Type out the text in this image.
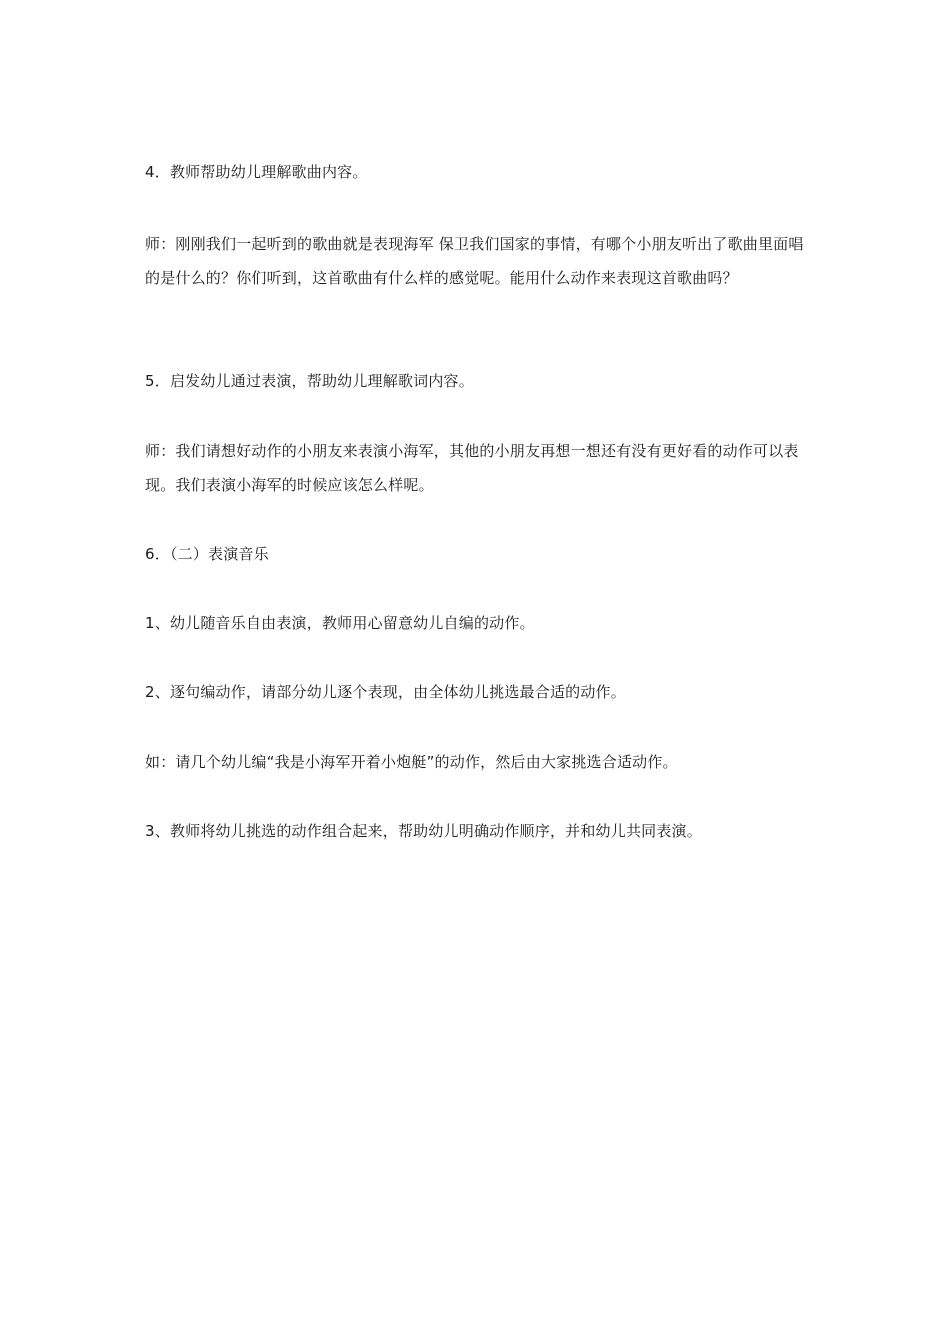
4．教师帮助幼儿理解歌曲内容。

师：刚刚我们一起听到的歌曲就是表现海军 保卫我们国家的事情，有哪个小朋友听出了歌曲里面唱的是什么的？你们听到，这首歌曲有什么样的感觉呢。能用什么动作来表现这首歌曲吗？

5．启发幼儿通过表演，帮助幼儿理解歌词内容。

师：我们请想好动作的小朋友来表演小海军，其他的小朋友再想一想还有没有更好看的动作可以表现。我们表演小海军的时候应该怎么样呢。

6．（二）表演音乐

1、幼儿随音乐自由表演，教师用心留意幼儿自编的动作。

2、逐句编动作，请部分幼儿逐个表现，由全体幼儿挑选最合适的动作。

如：请几个幼儿编“我是小海军开着小炮艇”的动作，然后由大家挑选合适动作。

3、教师将幼儿挑选的动作组合起来，帮助幼儿明确动作顺序，并和幼儿共同表演。
